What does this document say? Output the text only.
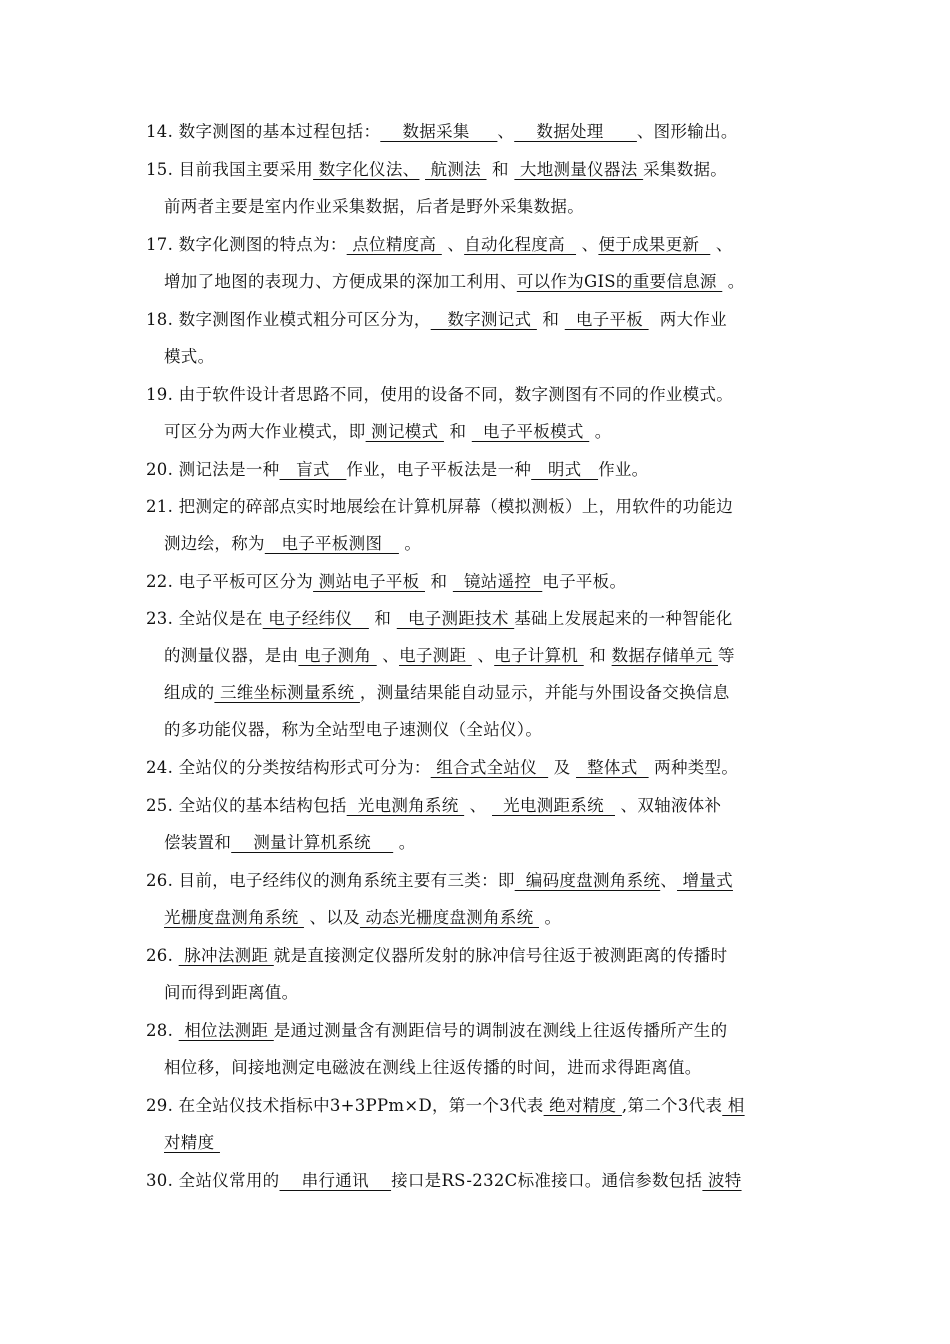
14. 数字测图的基本过程包括：    数据采集     、    数据处理      、图形输出。
15. 目前我国主要采用 数字化仪法、  航测法  和  大地测量仪器法 采集数据。
前两者主要是室内作业采集数据，后者是野外采集数据。
17. 数字化测图的特点为： 点位精度高  、自动化程度高   、便于成果更新   、
增加了地图的表现力、方便成果的深加工利用、可以作为GIS的重要信息源  。
18. 数字测图作业模式粗分可区分为，   数字测记式  和   电子平板   两大作业
模式。
19. 由于软件设计者思路不同，使用的设备不同，数字测图有不同的作业模式。
可区分为两大作业模式，即 测记模式  和   电子平板模式  。
20. 测记法是一种   盲式   作业，电子平板法是一种   明式   作业。
21. 把测定的碎部点实时地展绘在计算机屏幕（模拟测板）上，用软件的功能边
测边绘，称为   电子平板测图    。
22. 电子平板可区分为 测站电子平板  和   镜站遥控  电子平板。
23. 全站仪是在 电子经纬仪    和   电子测距技术 基础上发展起来的一种智能化
的测量仪器，是由 电子测角  、电子测距  、电子计算机  和 数据存储单元 等
组成的 三维坐标测量系统 ，测量结果能自动显示，并能与外围设备交换信息
的多功能仪器，称为全站型电子速测仪（全站仪）。
24. 全站仪的分类按结构形式可分为： 组合式全站仪   及   整体式   两种类型。
25. 全站仪的基本结构包括  光电测角系统  、   光电测距系统   、双轴液体补
偿装置和    测量计算机系统     。
26. 目前，电子经纬仪的测角系统主要有三类：即  编码度盘测角系统、 增量式
光栅度盘测角系统  、以及 动态光栅度盘测角系统  。
26.  脉冲法测距 就是直接测定仪器所发射的脉冲信号往返于被测距离的传播时
间而得到距离值。
28.  相位法测距 是通过测量含有测距信号的调制波在测线上往返传播所产生的
相位移，间接地测定电磁波在测线上往返传播的时间，进而求得距离值。
29. 在全站仪技术指标中3+3PPm×D，第一个3代表 绝对精度 ,第二个3代表 相
对精度
30. 全站仪常用的    串行通讯    接口是RS-232C标准接口。通信参数包括 波特
